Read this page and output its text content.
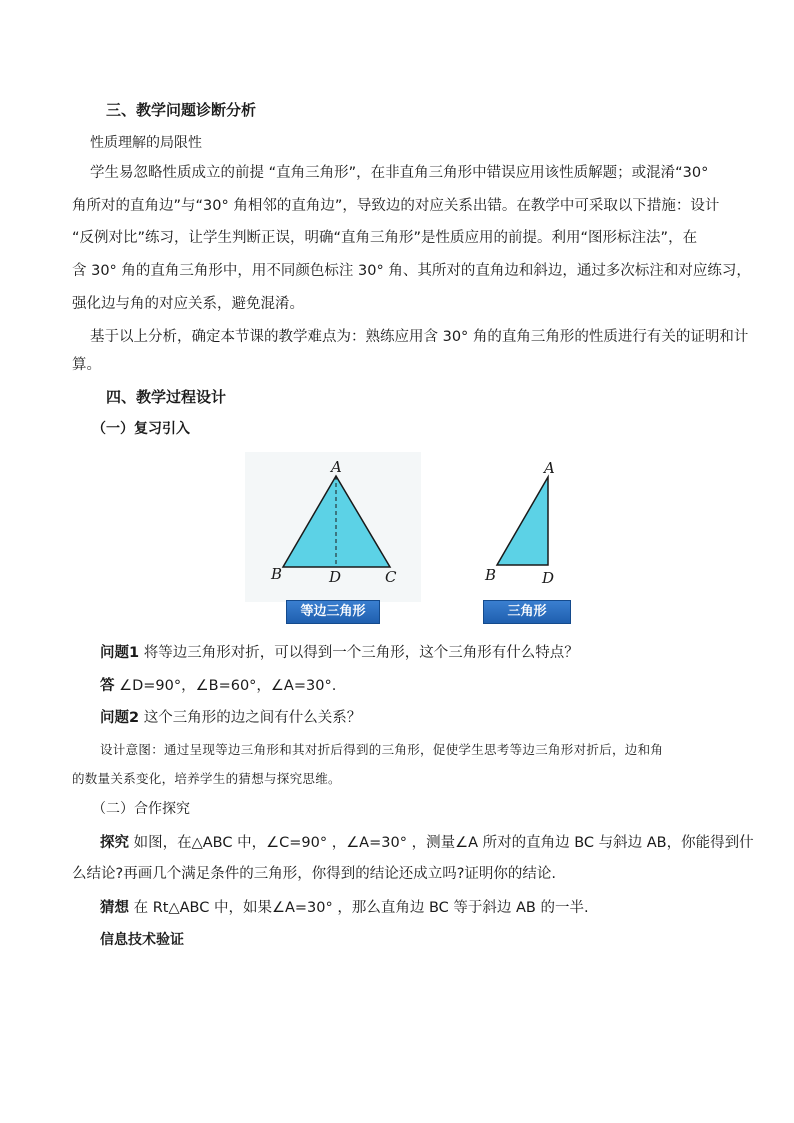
三、教学问题诊断分析
性质理解的局限性
学生易忽略性质成立的前提 “直角三角形”，在非直角三角形中错误应用该性质解题；或混淆“30°
角所对的直角边”与“30° 角相邻的直角边”，导致边的对应关系出错。在教学中可采取以下措施：设计
“反例对比”练习，让学生判断正误，明确“直角三角形”是性质应用的前提。利用“图形标注法”，在
含 30° 角的直角三角形中，用不同颜色标注 30° 角、其所对的直角边和斜边，通过多次标注和对应练习，
强化边与角的对应关系，避免混淆。
基于以上分析，确定本节课的教学难点为：熟练应用含 30° 角的直角三角形的性质进行有关的证明和计
算。
四、教学过程设计
（一）复习引入
A
B	C
D
等边三角形
A
B	D
三角形
问题1 将等边三角形对折，可以得到一个三角形，这个三角形有什么特点？
答 ∠D=90°，∠B=60°，∠A=30°.
问题2 这个三角形的边之间有什么关系？
设计意图：通过呈现等边三角形和其对折后得到的三角形，促使学生思考等边三角形对折后，边和角
的数量关系变化，培养学生的猜想与探究思维。
（二）合作探究
探究 如图，在△ABC 中，∠C=90° ，∠A=30° ，测量∠A 所对的直角边 BC 与斜边 AB，你能得到什
么结论?再画几个满足条件的三角形，你得到的结论还成立吗?证明你的结论.
猜想 在 Rt△ABC 中，如果∠A=30° ，那么直角边 BC 等于斜边 AB 的一半.
信息技术验证
